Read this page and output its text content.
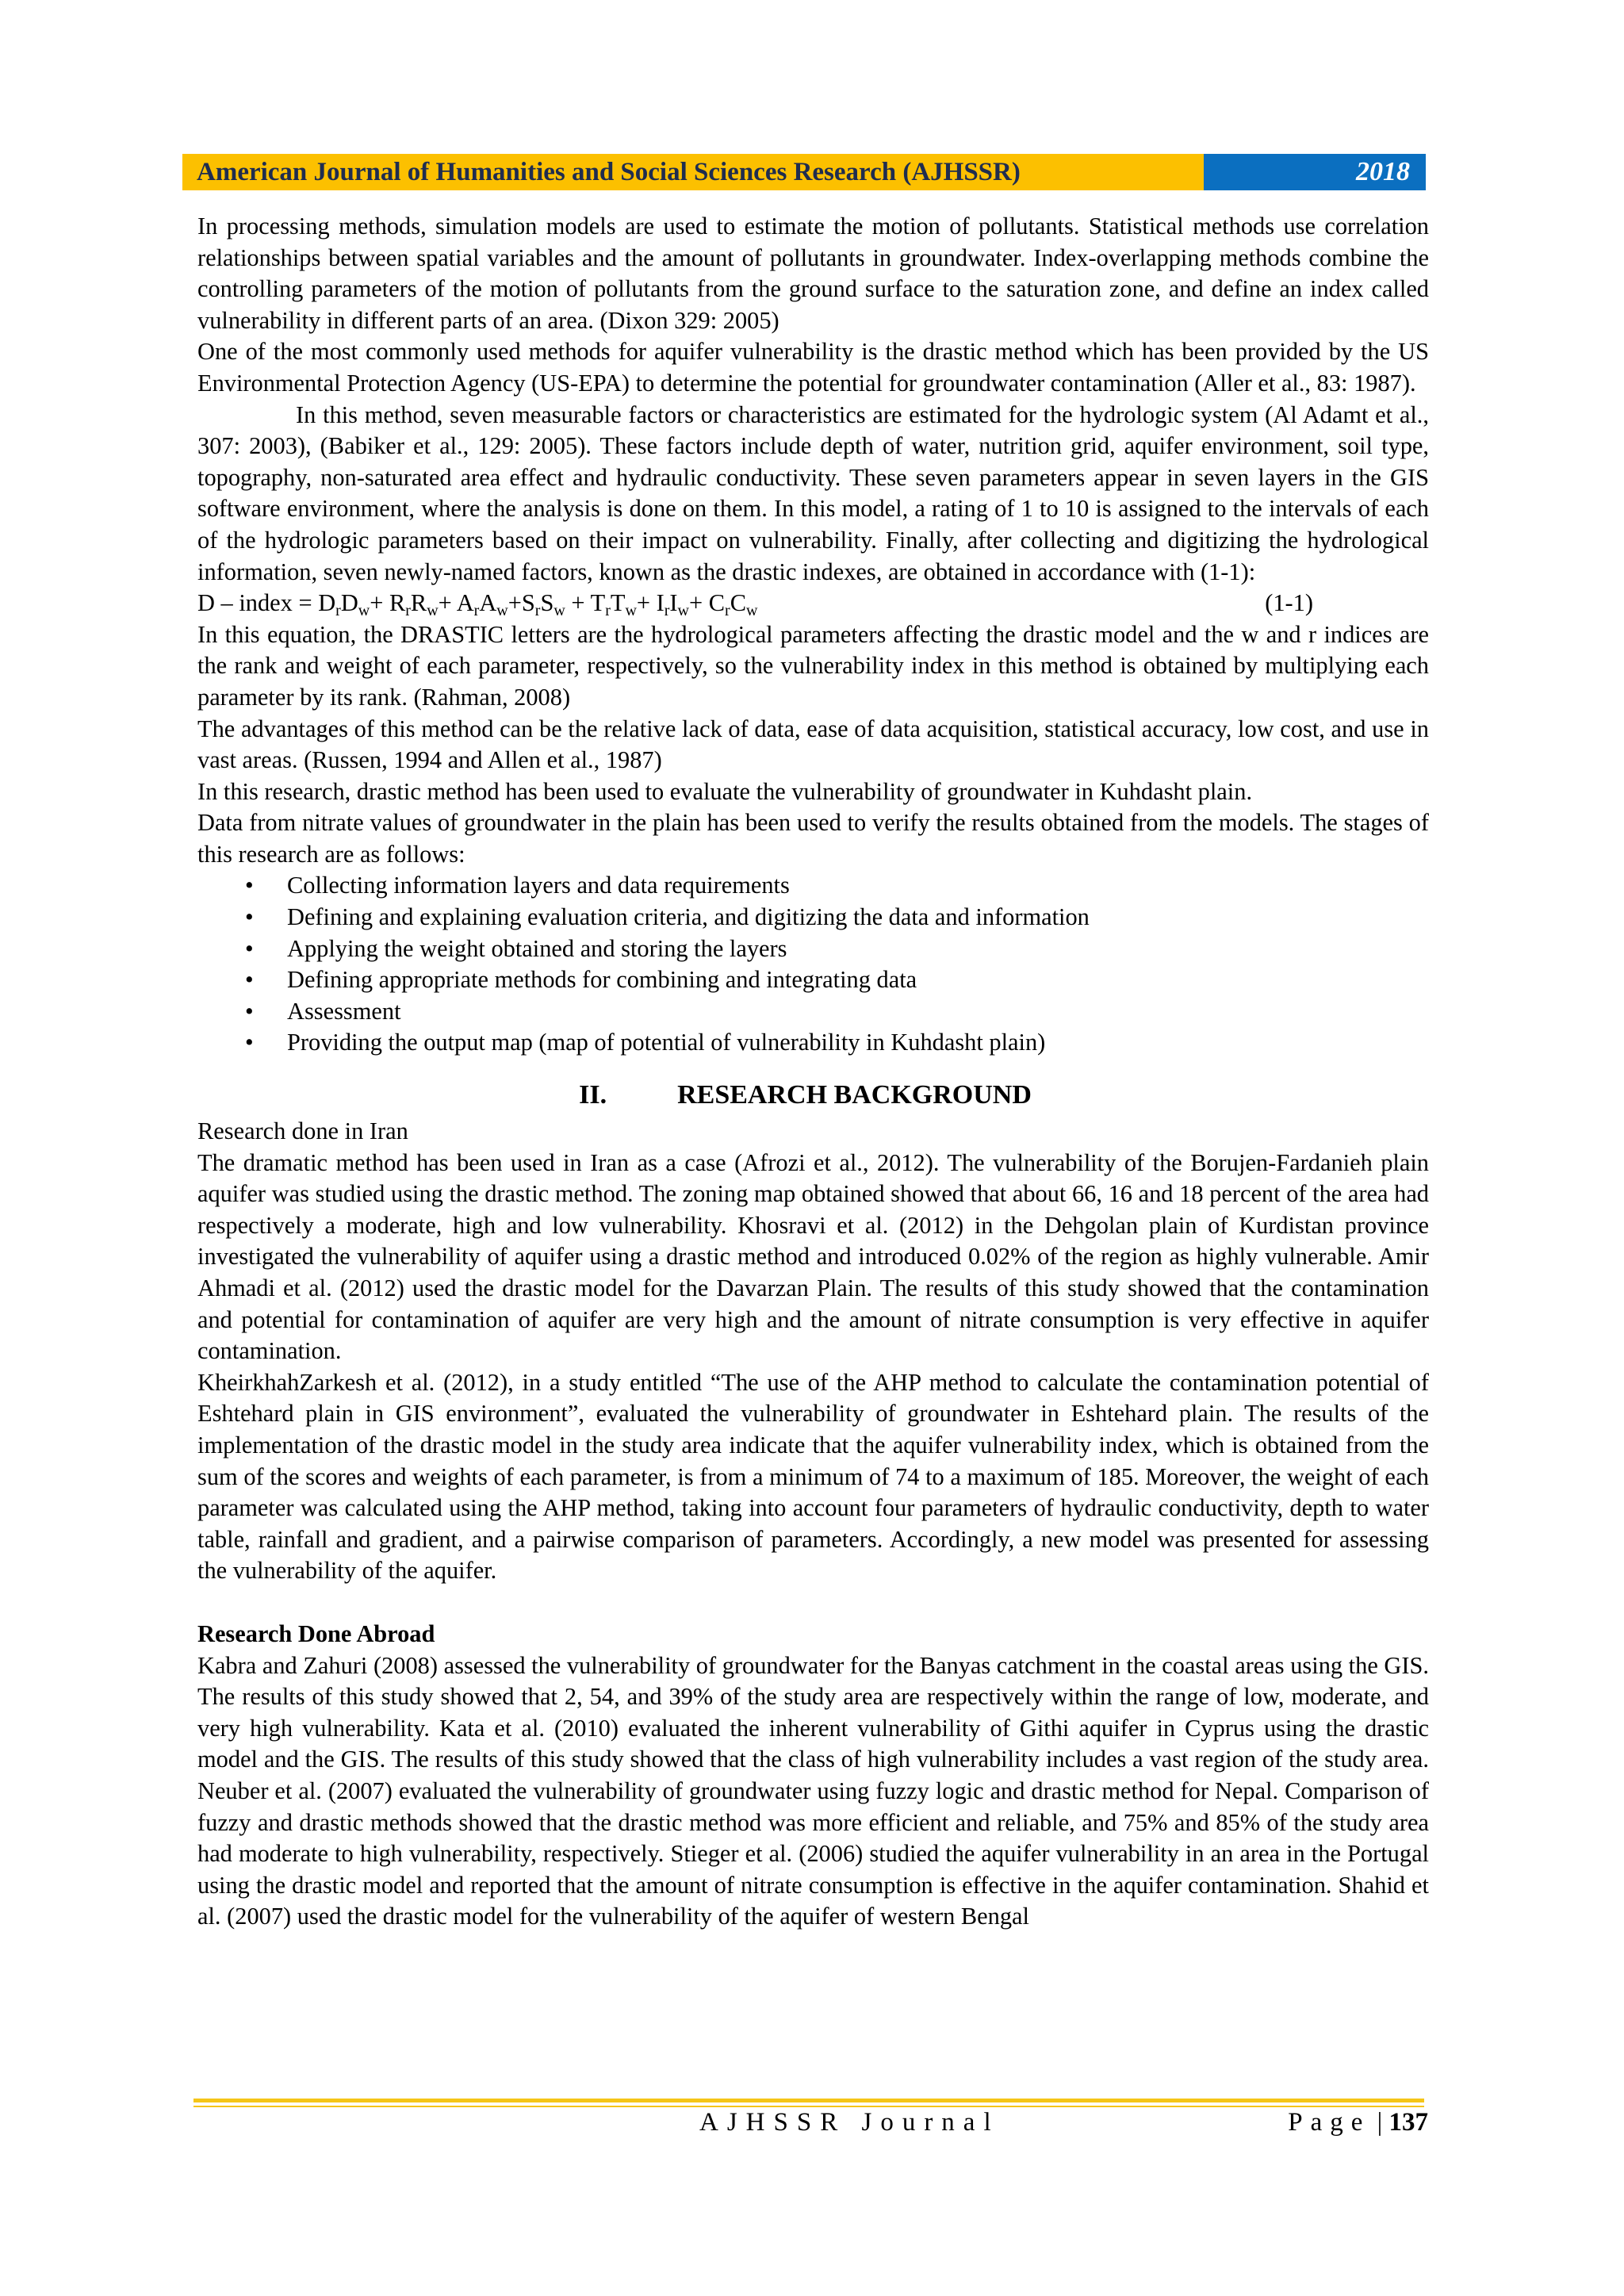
American Journal of Humanities and Social Sciences Research (AJHSSR)	2018

In processing methods, simulation models are used to estimate the motion of pollutants. Statistical methods use correlation relationships between spatial variables and the amount of pollutants in groundwater. Index-overlapping methods combine the controlling parameters of the motion of pollutants from the ground surface to the saturation zone, and define an index called vulnerability in different parts of an area. (Dixon 329: 2005)

One of the most commonly used methods for aquifer vulnerability is the drastic method which has been provided by the US Environmental Protection Agency (US-EPA) to determine the potential for groundwater contamination (Aller et al., 83: 1987).

In this method, seven measurable factors or characteristics are estimated for the hydrologic system (Al Adamt et al., 307: 2003), (Babiker et al., 129: 2005). These factors include depth of water, nutrition grid, aquifer environment, soil type, topography, non-saturated area effect and hydraulic conductivity. These seven parameters appear in seven layers in the GIS software environment, where the analysis is done on them. In this model, a rating of 1 to 10 is assigned to the intervals of each of the hydrologic parameters based on their impact on vulnerability. Finally, after collecting and digitizing the hydrological information, seven newly-named factors, known as the drastic indexes, are obtained in accordance with (1-1):

D – index = $D_rD_w+ R_rR_w+ A_rA_w+S_rS_w + T_rT_w+ I_rI_w+ C_rC_w$	(1-1)

In this equation, the DRASTIC letters are the hydrological parameters affecting the drastic model and the w and r indices are the rank and weight of each parameter, respectively, so the vulnerability index in this method is obtained by multiplying each parameter by its rank. (Rahman, 2008)

The advantages of this method can be the relative lack of data, ease of data acquisition, statistical accuracy, low cost, and use in vast areas. (Russen, 1994 and Allen et al., 1987)

In this research, drastic method has been used to evaluate the vulnerability of groundwater in Kuhdasht plain.

Data from nitrate values of groundwater in the plain has been used to verify the results obtained from the models. The stages of this research are as follows:

•	Collecting information layers and data requirements
•	Defining and explaining evaluation criteria, and digitizing the data and information
•	Applying the weight obtained and storing the layers
•	Defining appropriate methods for combining and integrating data
•	Assessment
•	Providing the output map (map of potential of vulnerability in Kuhdasht plain)
II.	RESEARCH BACKGROUND

Research done in Iran

The dramatic method has been used in Iran as a case (Afrozi et al., 2012). The vulnerability of the Borujen-Fardanieh plain aquifer was studied using the drastic method. The zoning map obtained showed that about 66, 16 and 18 percent of the area had respectively a moderate, high and low vulnerability. Khosravi et al. (2012) in the Dehgolan plain of Kurdistan province investigated the vulnerability of aquifer using a drastic method and introduced 0.02% of the region as highly vulnerable. Amir Ahmadi et al. (2012) used the drastic model for the Davarzan Plain. The results of this study showed that the contamination and potential for contamination of aquifer are very high and the amount of nitrate consumption is very effective in aquifer contamination.

KheirkhahZarkesh et al. (2012), in a study entitled “The use of the AHP method to calculate the contamination potential of Eshtehard plain in GIS environment”, evaluated the vulnerability of groundwater in Eshtehard plain. The results of the implementation of the drastic model in the study area indicate that the aquifer vulnerability index, which is obtained from the sum of the scores and weights of each parameter, is from a minimum of 74 to a maximum of 185. Moreover, the weight of each parameter was calculated using the AHP method, taking into account four parameters of hydraulic conductivity, depth to water table, rainfall and gradient, and a pairwise comparison of parameters. Accordingly, a new model was presented for assessing the vulnerability of the aquifer.

Research Done Abroad

Kabra and Zahuri (2008) assessed the vulnerability of groundwater for the Banyas catchment in the coastal areas using the GIS. The results of this study showed that 2, 54, and 39% of the study area are respectively within the range of low, moderate, and very high vulnerability. Kata et al. (2010) evaluated the inherent vulnerability of Githi aquifer in Cyprus using the drastic model and the GIS. The results of this study showed that the class of high vulnerability includes a vast region of the study area. Neuber et al. (2007) evaluated the vulnerability of groundwater using fuzzy logic and drastic method for Nepal. Comparison of fuzzy and drastic methods showed that the drastic method was more efficient and reliable, and 75% and 85% of the study area had moderate to high vulnerability, respectively. Stieger et al. (2006) studied the aquifer vulnerability in an area in the Portugal using the drastic model and reported that the amount of nitrate consumption is effective in the aquifer contamination. Shahid et al. (2007) used the drastic model for the vulnerability of the aquifer of western Bengal

AJHSSR Journal	Page | 137
